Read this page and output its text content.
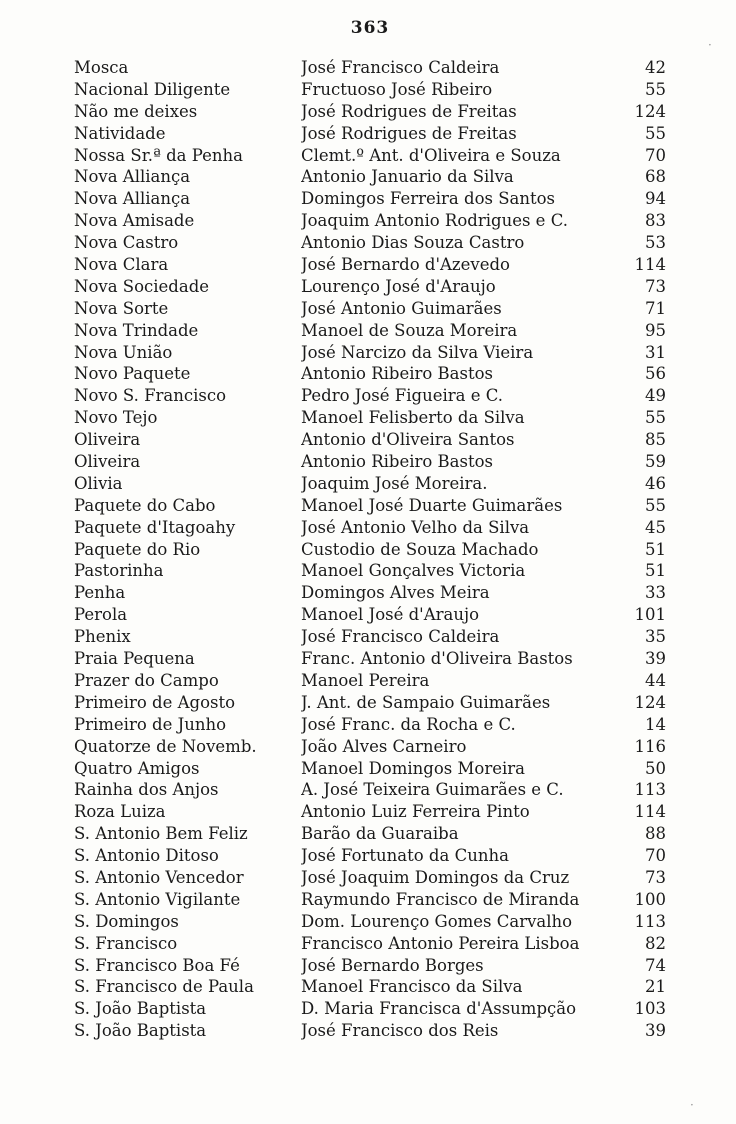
363
Mosca	José Francisco Caldeira	42
Nacional Diligente	Fructuoso José Ribeiro	55
Não me deixes	José Rodrigues de Freitas	124
Natividade	José Rodrigues de Freitas	55
Nossa Sr.ª da Penha	Clemt.º Ant. d'Oliveira e Souza	70
Nova Alliança	Antonio Januario da Silva	68
Nova Alliança	Domingos Ferreira dos Santos	94
Nova Amisade	Joaquim Antonio Rodrigues e C.	83
Nova Castro	Antonio Dias Souza Castro	53
Nova Clara	José Bernardo d'Azevedo	114
Nova Sociedade	Lourenço José d'Araujo	73
Nova Sorte	José Antonio Guimarães	71
Nova Trindade	Manoel de Souza Moreira	95
Nova União	José Narcizo da Silva Vieira	31
Novo Paquete	Antonio Ribeiro Bastos	56
Novo S. Francisco	Pedro José Figueira e C.	49
Novo Tejo	Manoel Felisberto da Silva	55
Oliveira	Antonio d'Oliveira Santos	85
Oliveira	Antonio Ribeiro Bastos	59
Olivia	Joaquim José Moreira.	46
Paquete do Cabo	Manoel José Duarte Guimarães	55
Paquete d'Itagoahy	José Antonio Velho da Silva	45
Paquete do Rio	Custodio de Souza Machado	51
Pastorinha	Manoel Gonçalves Victoria	51
Penha	Domingos Alves Meira	33
Perola	Manoel José d'Araujo	101
Phenix	José Francisco Caldeira	35
Praia Pequena	Franc. Antonio d'Oliveira Bastos	39
Prazer do Campo	Manoel Pereira	44
Primeiro de Agosto	J. Ant. de Sampaio Guimarães	124
Primeiro de Junho	José Franc. da Rocha e C.	14
Quatorze de Novemb.	João Alves Carneiro	116
Quatro Amigos	Manoel Domingos Moreira	50
Rainha dos Anjos	A. José Teixeira Guimarães e C.	113
Roza Luiza	Antonio Luiz Ferreira Pinto	114
S. Antonio Bem Feliz	Barão da Guaraiba	88
S. Antonio Ditoso	José Fortunato da Cunha	70
S. Antonio Vencedor	José Joaquim Domingos da Cruz	73
S. Antonio Vigilante	Raymundo Francisco de Miranda	100
S. Domingos	Dom. Lourenço Gomes Carvalho	113
S. Francisco	Francisco Antonio Pereira Lisboa	82
S. Francisco Boa Fé	José Bernardo Borges	74
S. Francisco de Paula	Manoel Francisco da Silva	21
S. João Baptista	D. Maria Francisca d'Assumpção	103
S. João Baptista	José Francisco dos Reis	39
·
·
